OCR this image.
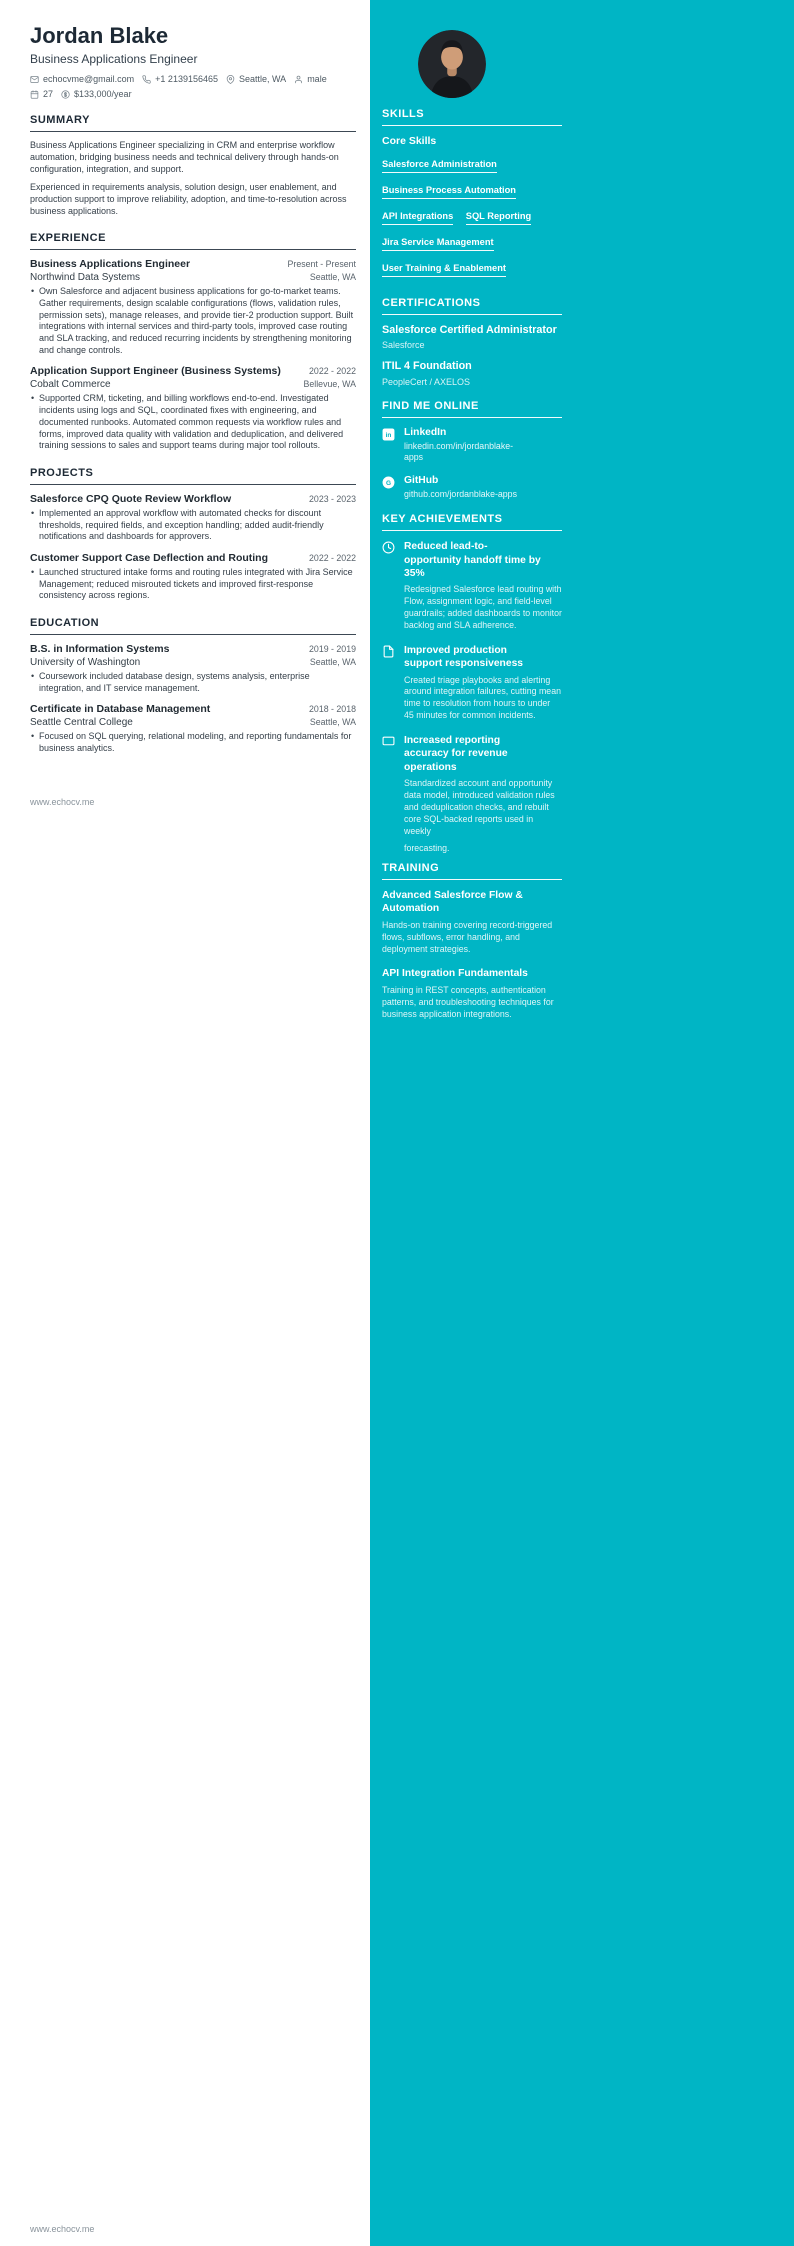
Jordan Blake
Business Applications Engineer
echocvme@gmail.com +1 2139156465 Seattle, WA male
27 $133,000/year
SUMMARY

Business Applications Engineer specializing in CRM and enterprise workflow automation, bridging business needs and technical delivery through hands-on configuration, integration, and support.

Experienced in requirements analysis, solution design, user enablement, and production support to improve reliability, adoption, and time-to-resolution across business applications.

EXPERIENCE
Business Applications Engineer	Present - Present
Northwind Data Systems	Seattle, WA
• Own Salesforce and adjacent business applications for go-to-market teams. Gather requirements, design scalable configurations (flows, validation rules, permission sets), manage releases, and provide tier-2 production support. Built integrations with internal services and third-party tools, improved case routing and SLA tracking, and reduced recurring incidents by strengthening monitoring and change controls.
Application Support Engineer (Business Systems)	2022 - 2022
Cobalt Commerce	Bellevue, WA
• Supported CRM, ticketing, and billing workflows end-to-end. Investigated incidents using logs and SQL, coordinated fixes with engineering, and documented runbooks. Automated common requests via workflow rules and forms, improved data quality with validation and deduplication, and delivered training sessions to sales and support teams during major tool rollouts.
PROJECTS
Salesforce CPQ Quote Review Workflow	2023 - 2023
• Implemented an approval workflow with automated checks for discount thresholds, required fields, and exception handling; added audit-friendly notifications and dashboards for approvers.
Customer Support Case Deflection and Routing	2022 - 2022
• Launched structured intake forms and routing rules integrated with Jira Service Management; reduced misrouted tickets and improved first-response consistency across regions.
EDUCATION
B.S. in Information Systems	2019 - 2019
University of Washington	Seattle, WA
• Coursework included database design, systems analysis, enterprise integration, and IT service management.
Certificate in Database Management	2018 - 2018
Seattle Central College	Seattle, WA
• Focused on SQL querying, relational modeling, and reporting fundamentals for business analytics.
SKILLS
Core Skills
Salesforce Administration Business Process Automation API Integrations SQL Reporting Jira Service Management User Training & Enablement
CERTIFICATIONS
Salesforce Certified Administrator
Salesforce
ITIL 4 Foundation
PeopleCert / AXELOS
FIND ME ONLINE
in LinkedIn
linkedin.com/in/jordanblake-apps
G GitHub
github.com/jordanblake-apps
KEY ACHIEVEMENTS
Reduced lead-to-opportunity handoff time by 35%
Redesigned Salesforce lead routing with Flow, assignment logic, and field-level guardrails; added dashboards to monitor backlog and SLA adherence.
Improved production support responsiveness
Created triage playbooks and alerting around integration failures, cutting mean time to resolution from hours to under 45 minutes for common incidents.
Increased reporting accuracy for revenue operations
Standardized account and opportunity data model, introduced validation rules and deduplication checks, and rebuilt core SQL-backed reports used in weekly
forecasting.
TRAINING
Advanced Salesforce Flow & Automation
Hands-on training covering record-triggered flows, subflows, error handling, and deployment strategies.
API Integration Fundamentals
Training in REST concepts, authentication patterns, and troubleshooting techniques for business application integrations.
www.echocv.me
www.echocv.me
